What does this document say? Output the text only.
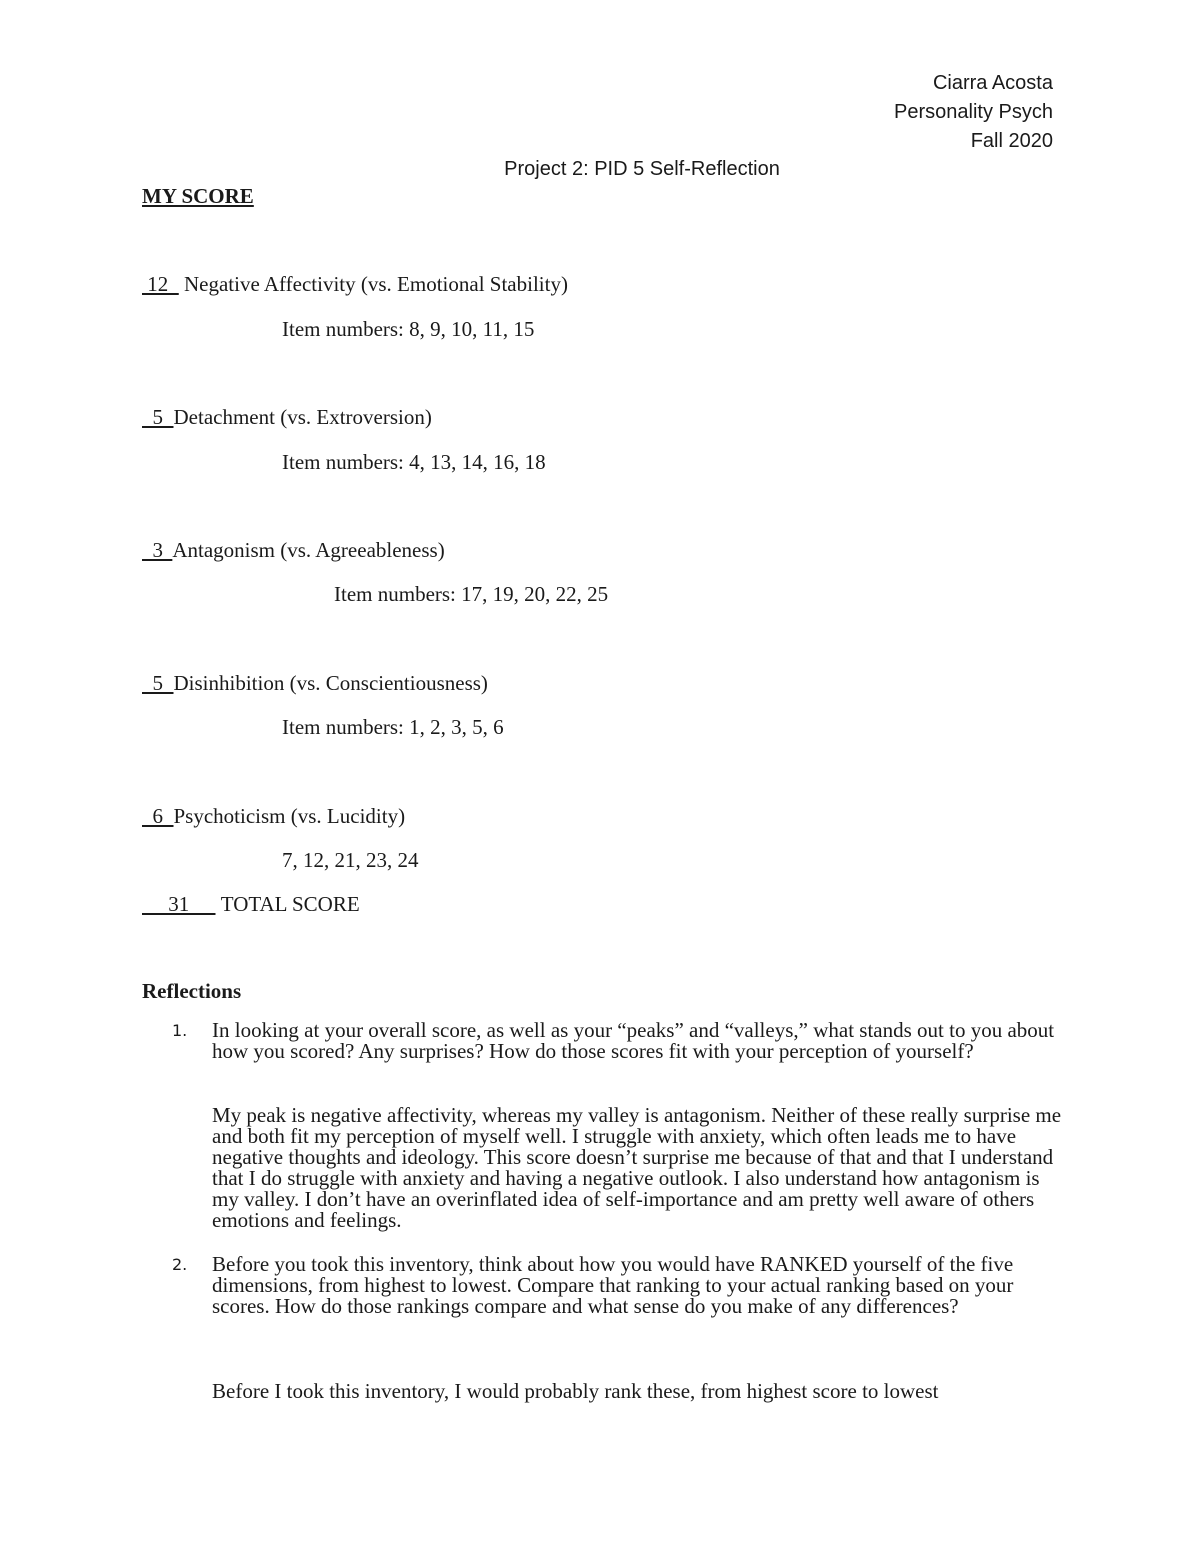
Ciarra Acosta
Personality Psych
Fall 2020
Project 2: PID 5 Self-Reflection
MY SCORE
12   Negative Affectivity (vs. Emotional Stability)
Item numbers: 8, 9, 10, 11, 15
5  Detachment (vs. Extroversion)
Item numbers: 4, 13, 14, 16, 18
3  Antagonism (vs. Agreeableness)
Item numbers: 17, 19, 20, 22, 25
5  Disinhibition (vs. Conscientiousness)
Item numbers: 1, 2, 3, 5, 6
6  Psychoticism (vs. Lucidity)
7, 12, 21, 23, 24
31      TOTAL SCORE
Reflections
1. In looking at your overall score, as well as your “peaks” and “valleys,” what stands out to you about how you scored? Any surprises? How do those scores fit with your perception of yourself?
My peak is negative affectivity, whereas my valley is antagonism. Neither of these really surprise me and both fit my perception of myself well. I struggle with anxiety, which often leads me to have negative thoughts and ideology. This score doesn’t surprise me because of that and that I understand that I do struggle with anxiety and having a negative outlook. I also understand how antagonism is my valley. I don’t have an overinflated idea of self-importance and am pretty well aware of others emotions and feelings.
2. Before you took this inventory, think about how you would have RANKED yourself of the five dimensions, from highest to lowest. Compare that ranking to your actual ranking based on your scores. How do those rankings compare and what sense do you make of any differences?
Before I took this inventory, I would probably rank these, from highest score to lowest
